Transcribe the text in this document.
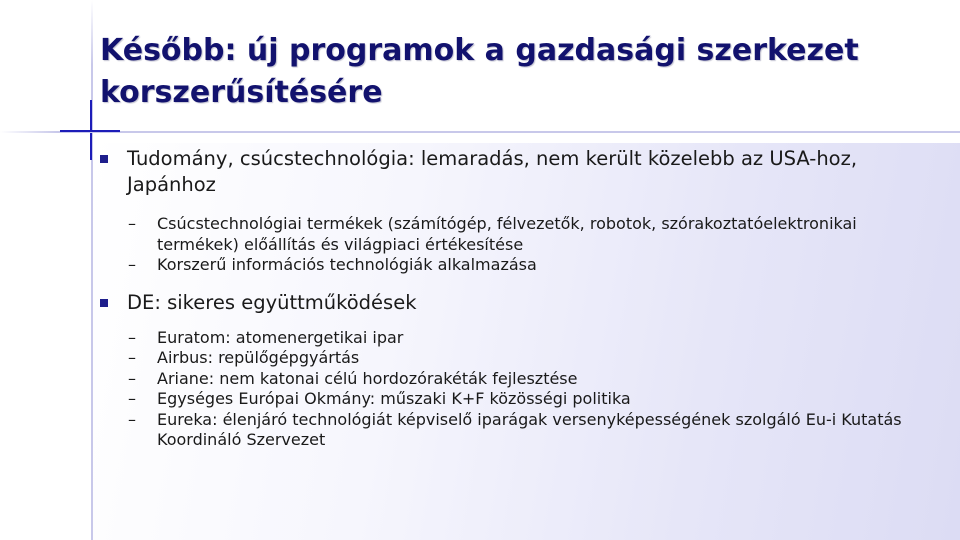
Később: új programok a gazdasági szerkezet
korszerűsítésére
Tudomány, csúcstechnológia: lemaradás, nem került közelebb az USA-hoz, Japánhoz
– Csúcstechnológiai termékek (számítógép, félvezetők, robotok, szórakoztatóelektronikai termékek) előállítás és világpiaci értékesítése
– Korszerű információs technológiák alkalmazása
DE: sikeres együttműködések
– Euratom: atomenergetikai ipar
– Airbus: repülőgépgyártás
– Ariane: nem katonai célú hordozórakéták fejlesztése
– Egységes Európai Okmány: műszaki K+F közösségi politika
– Eureka: élenjáró technológiát képviselő iparágak versenyképességének szolgáló Eu-i Kutatás Koordináló Szervezet
